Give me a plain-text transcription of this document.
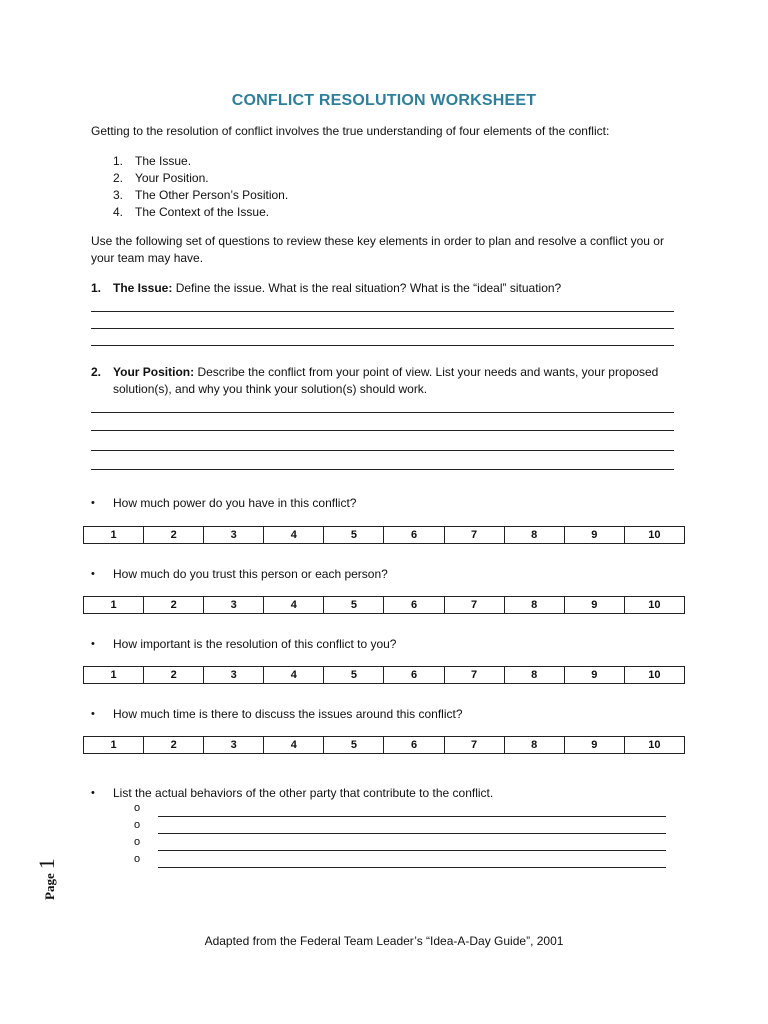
CONFLICT RESOLUTION WORKSHEET
Getting to the resolution of conflict involves the true understanding of four elements of the conflict:
1. The Issue.
2. Your Position.
3. The Other Person’s Position.
4. The Context of the Issue.
Use the following set of questions to review these key elements in order to plan and resolve a conflict you or your team may have.
1. The Issue: Define the issue. What is the real situation? What is the “ideal” situation?
2. Your Position: Describe the conflict from your point of view. List your needs and wants, your proposed solution(s), and why you think your solution(s) should work.
• How much power do you have in this conflict?
1	2	3	4	5	6	7	8	9	10
• How much do you trust this person or each person?
1	2	3	4	5	6	7	8	9	10
• How important is the resolution of this conflict to you?
1	2	3	4	5	6	7	8	9	10
• How much time is there to discuss the issues around this conflict?
1	2	3	4	5	6	7	8	9	10
• List the actual behaviors of the other party that contribute to the conflict.
o
o
o
o
Page 1
Adapted from the Federal Team Leader’s “Idea-A-Day Guide”, 2001
